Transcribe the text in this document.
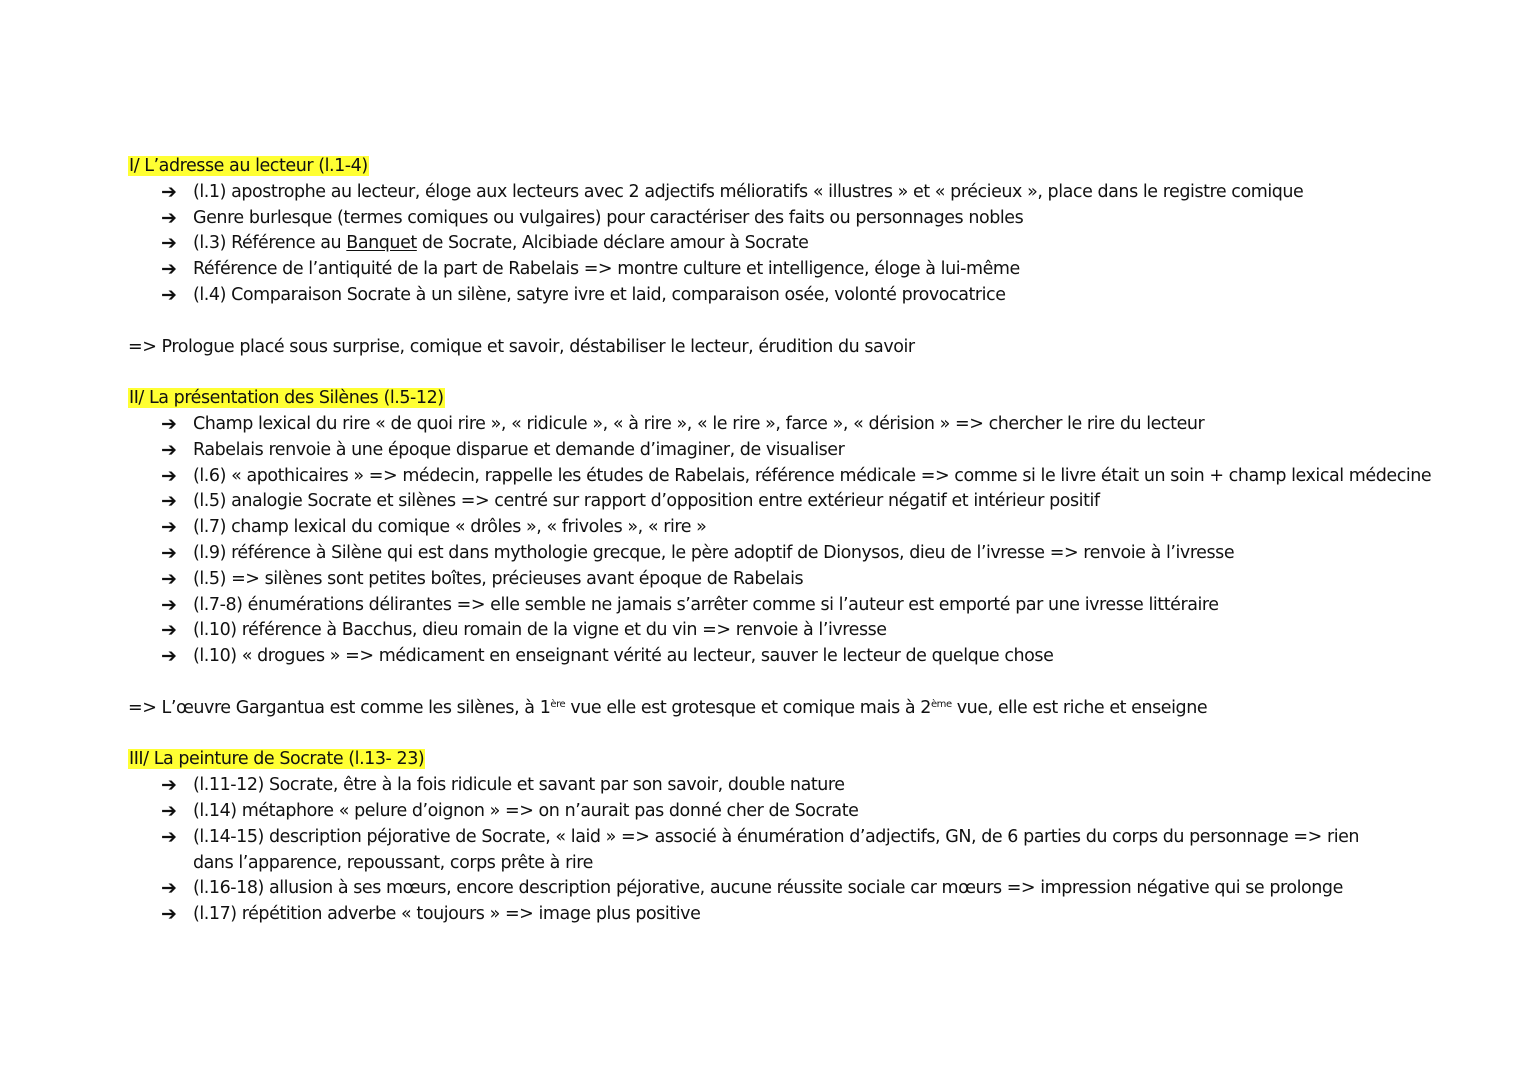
I/ L’adresse au lecteur (l.1-4)
➔ (l.1) apostrophe au lecteur, éloge aux lecteurs avec 2 adjectifs mélioratifs « illustres » et « précieux », place dans le registre comique
➔ Genre burlesque (termes comiques ou vulgaires) pour caractériser des faits ou personnages nobles
➔ (l.3) Référence au Banquet de Socrate, Alcibiade déclare amour à Socrate
➔ Référence de l’antiquité de la part de Rabelais => montre culture et intelligence, éloge à lui-même
➔ (l.4) Comparaison Socrate à un silène, satyre ivre et laid, comparaison osée, volonté provocatrice
=> Prologue placé sous surprise, comique et savoir, déstabiliser le lecteur, érudition du savoir
II/ La présentation des Silènes (l.5-12)
➔ Champ lexical du rire « de quoi rire », « ridicule », « à rire », « le rire », farce », « dérision » => chercher le rire du lecteur
➔ Rabelais renvoie à une époque disparue et demande d’imaginer, de visualiser
➔ (l.6) « apothicaires » => médecin, rappelle les études de Rabelais, référence médicale => comme si le livre était un soin + champ lexical médecine
➔ (l.5) analogie Socrate et silènes => centré sur rapport d’opposition entre extérieur négatif et intérieur positif
➔ (l.7) champ lexical du comique « drôles », « frivoles », « rire »
➔ (l.9) référence à Silène qui est dans mythologie grecque, le père adoptif de Dionysos, dieu de l’ivresse => renvoie à l’ivresse
➔ (l.5) => silènes sont petites boîtes, précieuses avant époque de Rabelais
➔ (l.7-8) énumérations délirantes => elle semble ne jamais s’arrêter comme si l’auteur est emporté par une ivresse littéraire
➔ (l.10) référence à Bacchus, dieu romain de la vigne et du vin => renvoie à l’ivresse
➔ (l.10) « drogues » => médicament en enseignant vérité au lecteur, sauver le lecteur de quelque chose
=> L’œuvre Gargantua est comme les silènes, à 1ère vue elle est grotesque et comique mais à 2ème vue, elle est riche et enseigne
III/ La peinture de Socrate (l.13- 23)
➔ (l.11-12) Socrate, être à la fois ridicule et savant par son savoir, double nature
➔ (l.14) métaphore « pelure d’oignon » => on n’aurait pas donné cher de Socrate
➔ (l.14-15) description péjorative de Socrate, « laid » => associé à énumération d’adjectifs, GN, de 6 parties du corps du personnage => rien dans l’apparence, repoussant, corps prête à rire
➔ (l.16-18) allusion à ses mœurs, encore description péjorative, aucune réussite sociale car mœurs => impression négative qui se prolonge
➔ (l.17) répétition adverbe « toujours » => image plus positive
